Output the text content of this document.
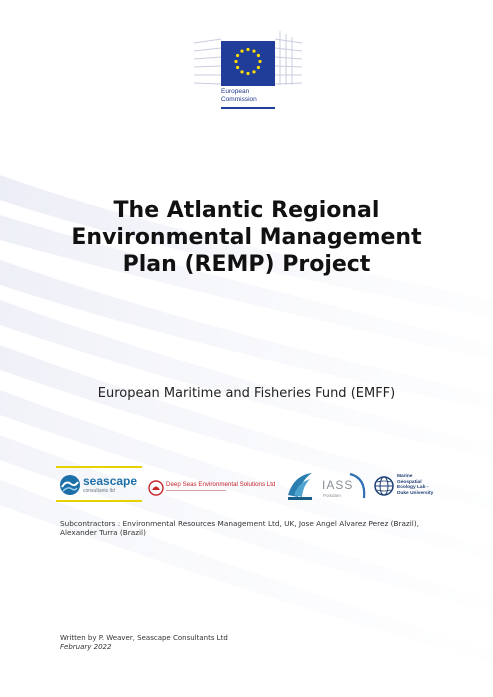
European
Commission
The Atlantic Regional
Environmental Management
Plan (REMP) Project
European Maritime and Fisheries Fund (EMFF)
seascape
consultants ltd
Deep Seas Environmental Solutions Ltd	IASS
Potsdam
Marine
Geospatial
Ecology Lab -
Duke University
Subcontractors : Environmental Resources Management Ltd, UK, Jose Angel Alvarez Perez (Brazil), Alexander Turra (Brazil)
Written by P. Weaver, Seascape Consultants Ltd
February 2022
